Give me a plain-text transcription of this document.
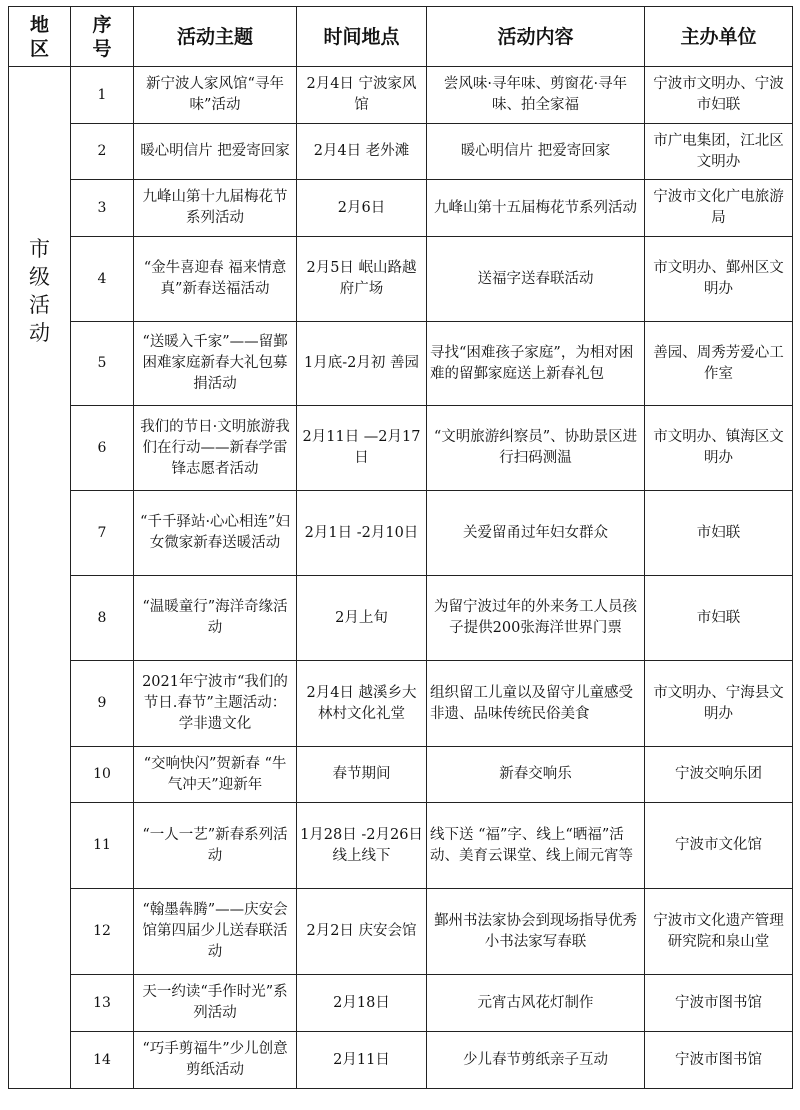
地区	序号	活动主题	时间地点	活动内容	主办单位
市级活动	1	新宁波人家风馆“寻年味”活动	2月4日 宁波家风馆	尝风味·寻年味、剪窗花·寻年味、拍全家福	宁波市文明办、宁波市妇联
	2	暖心明信片 把爱寄回家	2月4日 老外滩	暖心明信片 把爱寄回家	市广电集团，江北区文明办
	3	九峰山第十九届梅花节系列活动	2月6日	九峰山第十五届梅花节系列活动	宁波市文化广电旅游局
	4	“金牛喜迎春 福来情意真”新春送福活动	2月5日 岷山路越府广场	送福字送春联活动	市文明办、鄞州区文明办
	5	“送暖入千家”——留鄞困难家庭新春大礼包募捐活动	1月底-2月初 善园	寻找“困难孩子家庭”，为相对困难的留鄞家庭送上新春礼包	善园、周秀芳爱心工作室
	6	我们的节日·文明旅游我们在行动——新春学雷锋志愿者活动	2月11日 —2月17日	“文明旅游纠察员”、协助景区进行扫码测温	市文明办、镇海区文明办
	7	“千千驿站·心心相连”妇女微家新春送暖活动	2月1日 -2月10日	关爱留甬过年妇女群众	市妇联
	8	“温暖童行”海洋奇缘活动	2月上旬	为留宁波过年的外来务工人员孩子提供200张海洋世界门票	市妇联
	9	2021年宁波市“我们的节日.春节”主题活动：学非遗文化	2月4日 越溪乡大林村文化礼堂	组织留工儿童以及留守儿童感受非遗、品味传统民俗美食	市文明办、宁海县文明办
	10	“交响快闪”贺新春 “牛气冲天”迎新年	春节期间	新春交响乐	宁波交响乐团
	11	“一人一艺”新春系列活动	1月28日 -2月26日 线上线下	线下送 “福”字、线上“晒福”活动、美育云课堂、线上闹元宵等	宁波市文化馆
	12	“翰墨犇腾”——庆安会馆第四届少儿送春联活动	2月2日 庆安会馆	鄞州书法家协会到现场指导优秀小书法家写春联	宁波市文化遗产管理研究院和泉山堂
	13	天一约读“手作时光”系列活动	2月18日	元宵古风花灯制作	宁波市图书馆
	14	“巧手剪福牛”少儿创意剪纸活动	2月11日	少儿春节剪纸亲子互动	宁波市图书馆
